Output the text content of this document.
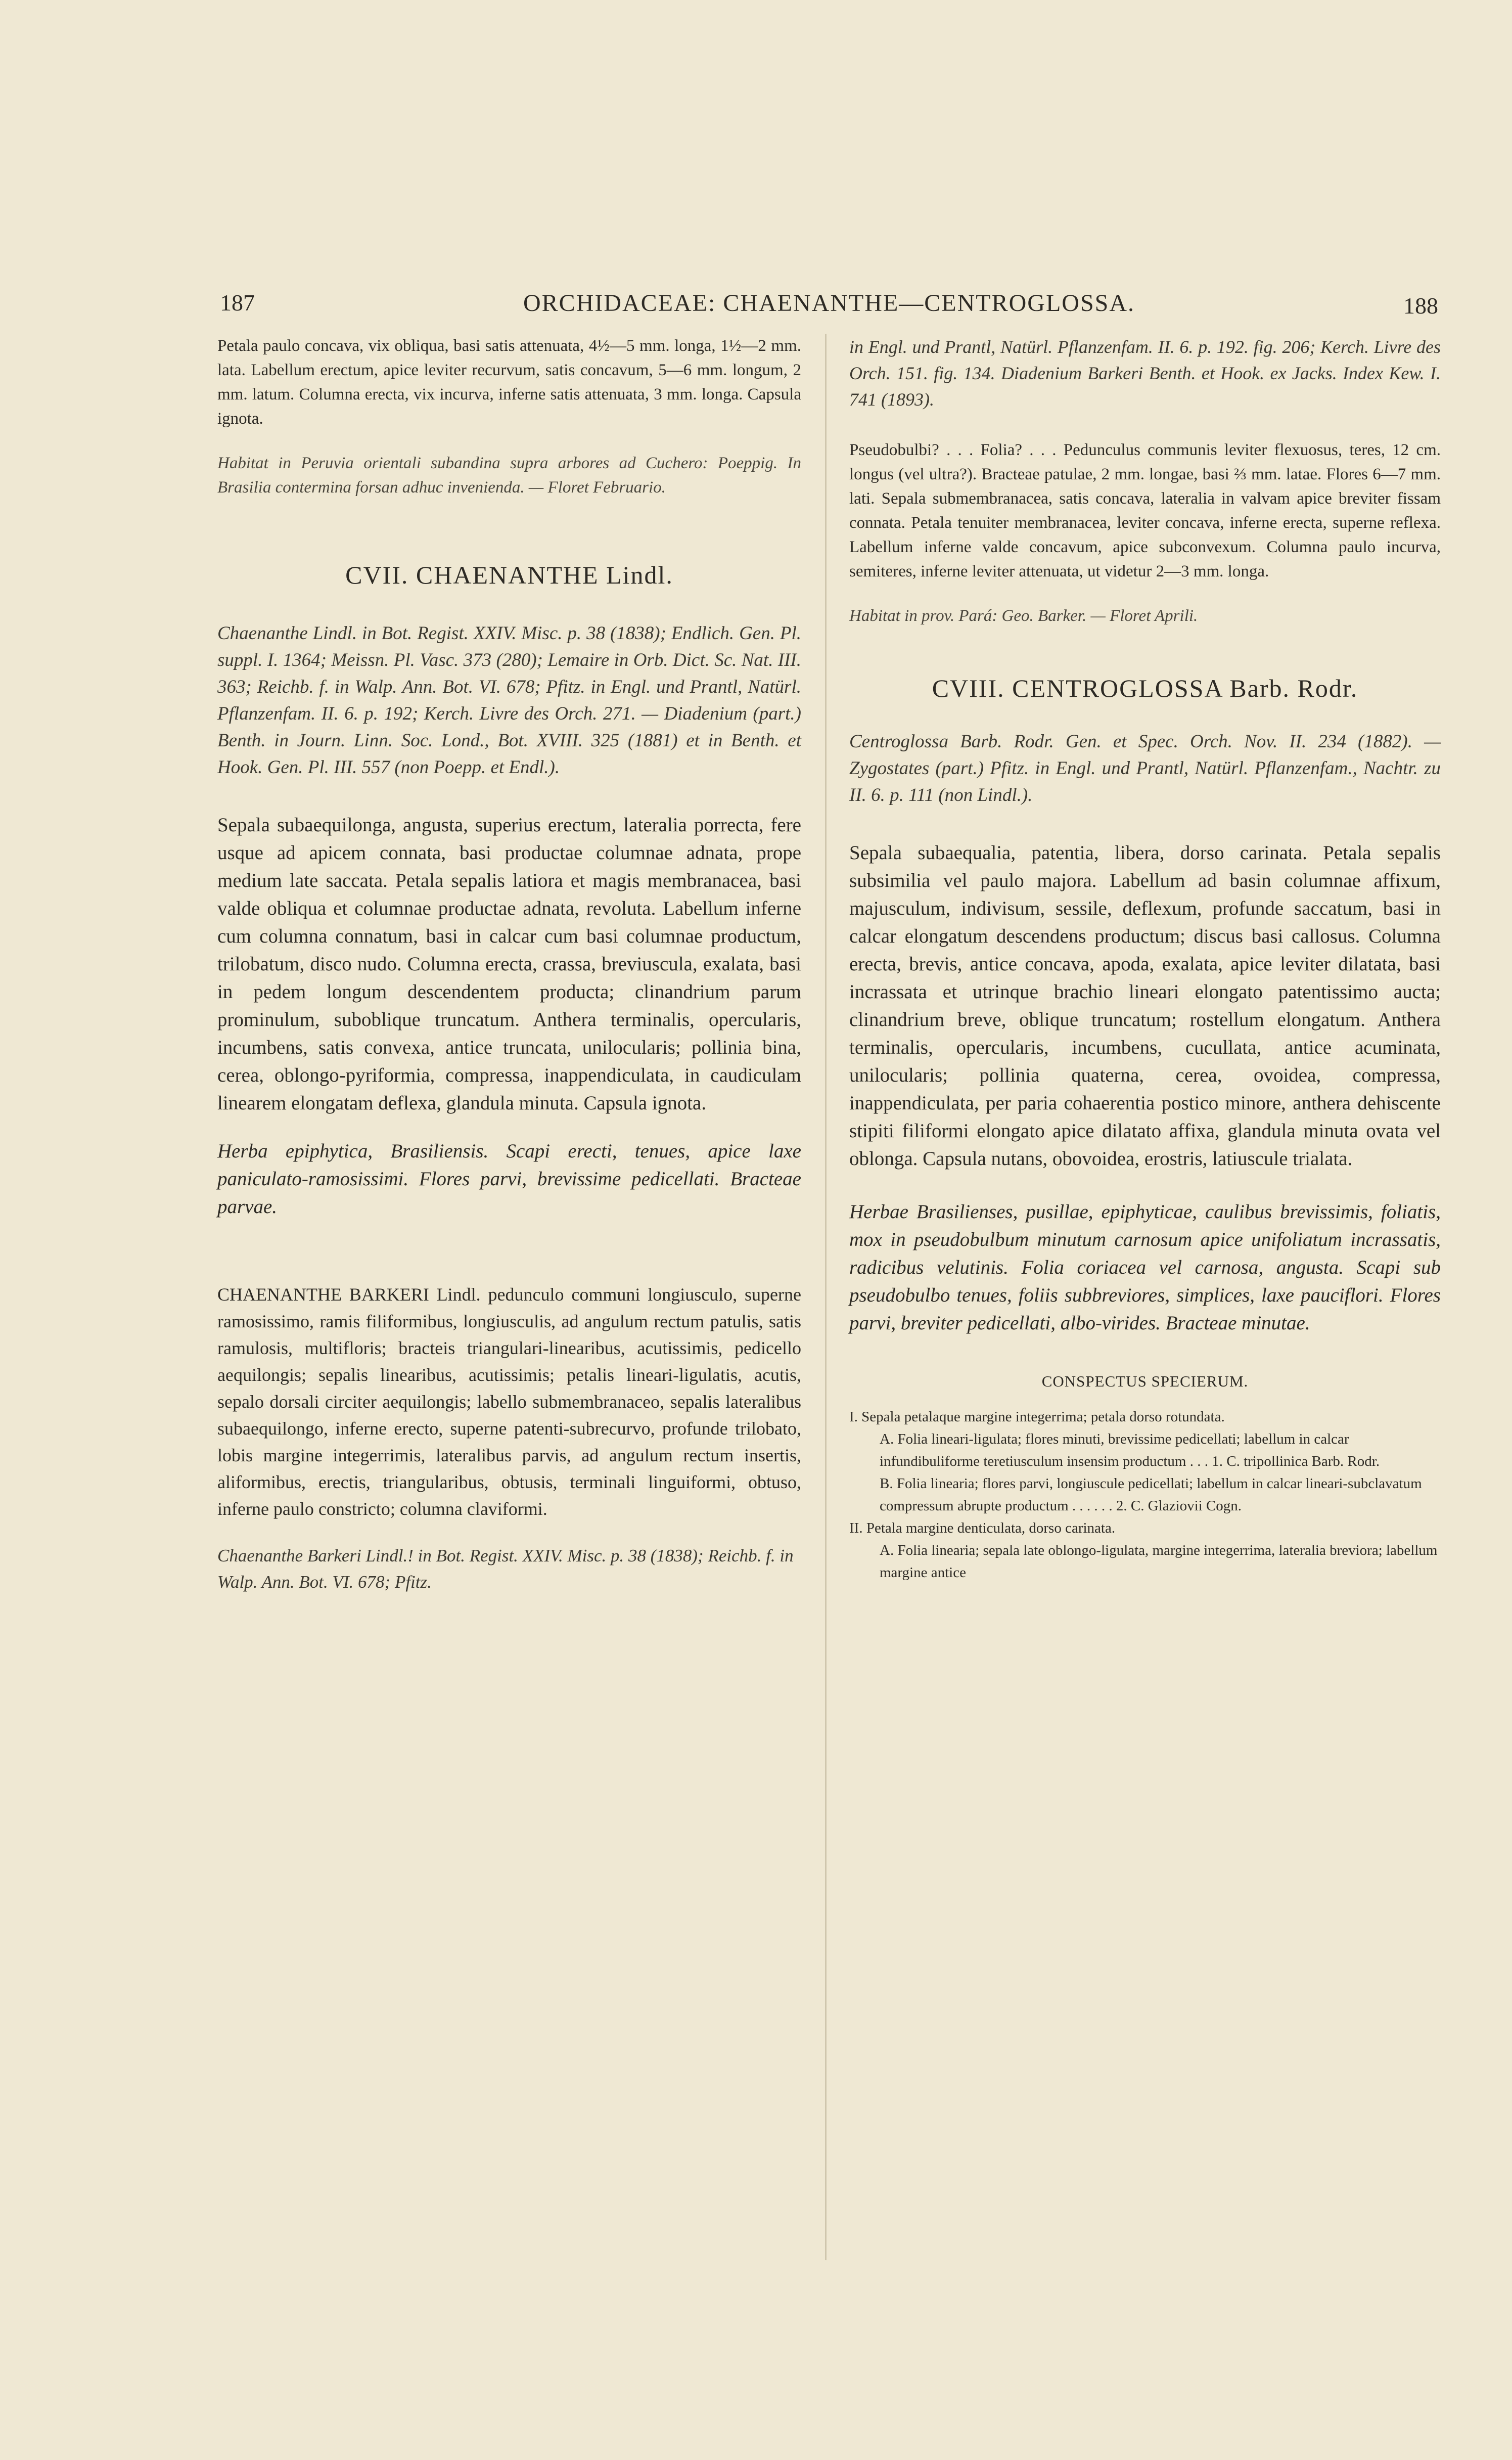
187	ORCHIDACEAE: CHAENANTHE—CENTROGLOSSA.	188

Petala paulo concava, vix obliqua, basi satis attenuata, 4½—5 mm. longa, 1½—2 mm. lata. Labellum erectum, apice leviter recurvum, satis concavum, 5—6 mm. longum, 2 mm. latum. Columna erecta, vix incurva, inferne satis attenuata, 3 mm. longa. Capsula ignota.

Habitat in Peruvia orientali subandina supra arbores ad Cuchero: Poeppig. In Brasilia contermina forsan adhuc invenienda. — Floret Februario.

CVII. CHAENANTHE Lindl.

Chaenanthe Lindl. in Bot. Regist. XXIV. Misc. p. 38 (1838); Endlich. Gen. Pl. suppl. I. 1364; Meissn. Pl. Vasc. 373 (280); Lemaire in Orb. Dict. Sc. Nat. III. 363; Reichb. f. in Walp. Ann. Bot. VI. 678; Pfitz. in Engl. und Prantl, Natürl. Pflanzenfam. II. 6. p. 192; Kerch. Livre des Orch. 271. — Diadenium (part.) Benth. in Journ. Linn. Soc. Lond., Bot. XVIII. 325 (1881) et in Benth. et Hook. Gen. Pl. III. 557 (non Poepp. et Endl.).

Sepala subaequilonga, angusta, superius erectum, lateralia porrecta, fere usque ad apicem connata, basi productae columnae adnata, prope medium late saccata. Petala sepalis latiora et magis membranacea, basi valde obliqua et columnae productae adnata, revoluta. Labellum inferne cum columna connatum, basi in calcar cum basi columnae productum, trilobatum, disco nudo. Columna erecta, crassa, breviuscula, exalata, basi in pedem longum descendentem producta; clinandrium parum prominulum, suboblique truncatum. Anthera terminalis, opercularis, incumbens, satis convexa, antice truncata, unilocularis; pollinia bina, cerea, oblongo-pyriformia, compressa, inappendiculata, in caudiculam linearem elongatam deflexa, glandula minuta. Capsula ignota.

Herba epiphytica, Brasiliensis. Scapi erecti, tenues, apice laxe paniculato-ramosissimi. Flores parvi, brevissime pedicellati. Bracteae parvae.

CHAENANTHE BARKERI Lindl. pedunculo communi longiusculo, superne ramosissimo, ramis filiformibus, longiusculis, ad angulum rectum patulis, satis ramulosis, multifloris; bracteis triangulari-linearibus, acutissimis, pedicello aequilongis; sepalis linearibus, acutissimis; petalis lineari-ligulatis, acutis, sepalo dorsali circiter aequilongis; labello submembranaceo, sepalis lateralibus subaequilongo, inferne erecto, superne patenti-subrecurvo, profunde trilobato, lobis margine integerrimis, lateralibus parvis, ad angulum rectum insertis, aliformibus, erectis, triangularibus, obtusis, terminali linguiformi, obtuso, inferne paulo constricto; columna claviformi.

Chaenanthe Barkeri Lindl.! in Bot. Regist. XXIV. Misc. p. 38 (1838); Reichb. f. in Walp. Ann. Bot. VI. 678; Pfitz.

in Engl. und Prantl, Natürl. Pflanzenfam. II. 6. p. 192. fig. 206; Kerch. Livre des Orch. 151. fig. 134. Diadenium Barkeri Benth. et Hook. ex Jacks. Index Kew. I. 741 (1893).

Pseudobulbi? . . . Folia? . . . Pedunculus communis leviter flexuosus, teres, 12 cm. longus (vel ultra?). Bracteae patulae, 2 mm. longae, basi ⅔ mm. latae. Flores 6—7 mm. lati. Sepala submembranacea, satis concava, lateralia in valvam apice breviter fissam connata. Petala tenuiter membranacea, leviter concava, inferne erecta, superne reflexa. Labellum inferne valde concavum, apice subconvexum. Columna paulo incurva, semiteres, inferne leviter attenuata, ut videtur 2—3 mm. longa.

Habitat in prov. Pará: Geo. Barker. — Floret Aprili.

CVIII. CENTROGLOSSA Barb. Rodr.

Centroglossa Barb. Rodr. Gen. et Spec. Orch. Nov. II. 234 (1882). — Zygostates (part.) Pfitz. in Engl. und Prantl, Natürl. Pflanzenfam., Nachtr. zu II. 6. p. 111 (non Lindl.).

Sepala subaequalia, patentia, libera, dorso carinata. Petala sepalis subsimilia vel paulo majora. Labellum ad basin columnae affixum, majusculum, indivisum, sessile, deflexum, profunde saccatum, basi in calcar elongatum descendens productum; discus basi callosus. Columna erecta, brevis, antice concava, apoda, exalata, apice leviter dilatata, basi incrassata et utrinque brachio lineari elongato patentissimo aucta; clinandrium breve, oblique truncatum; rostellum elongatum. Anthera terminalis, opercularis, incumbens, cucullata, antice acuminata, unilocularis; pollinia quaterna, cerea, ovoidea, compressa, inappendiculata, per paria cohaerentia postico minore, anthera dehiscente stipiti filiformi elongato apice dilatato affixa, glandula minuta ovata vel oblonga. Capsula nutans, obovoidea, erostris, latiuscule trialata.

Herbae Brasilienses, pusillae, epiphyticae, caulibus brevissimis, foliatis, mox in pseudobulbum minutum carnosum apice unifoliatum incrassatis, radicibus velutinis. Folia coriacea vel carnosa, angusta. Scapi sub pseudobulbo tenues, foliis subbreviores, simplices, laxe pauciflori. Flores parvi, breviter pedicellati, albo-virides. Bracteae minutae.

CONSPECTUS SPECIERUM.

I. Sepala petalaque margine integerrima; petala dorso rotundata.

A. Folia lineari-ligulata; flores minuti, brevissime pedicellati; labellum in calcar infundibuliforme teretiusculum insensim productum . . . 1. C. tripollinica Barb. Rodr.

B. Folia linearia; flores parvi, longiuscule pedicellati; labellum in calcar lineari-subclavatum compressum abrupte productum . . . . . . 2. C. Glaziovii Cogn.

II. Petala margine denticulata, dorso carinata.

A. Folia linearia; sepala late oblongo-ligulata, margine integerrima, lateralia breviora; labellum margine antice
